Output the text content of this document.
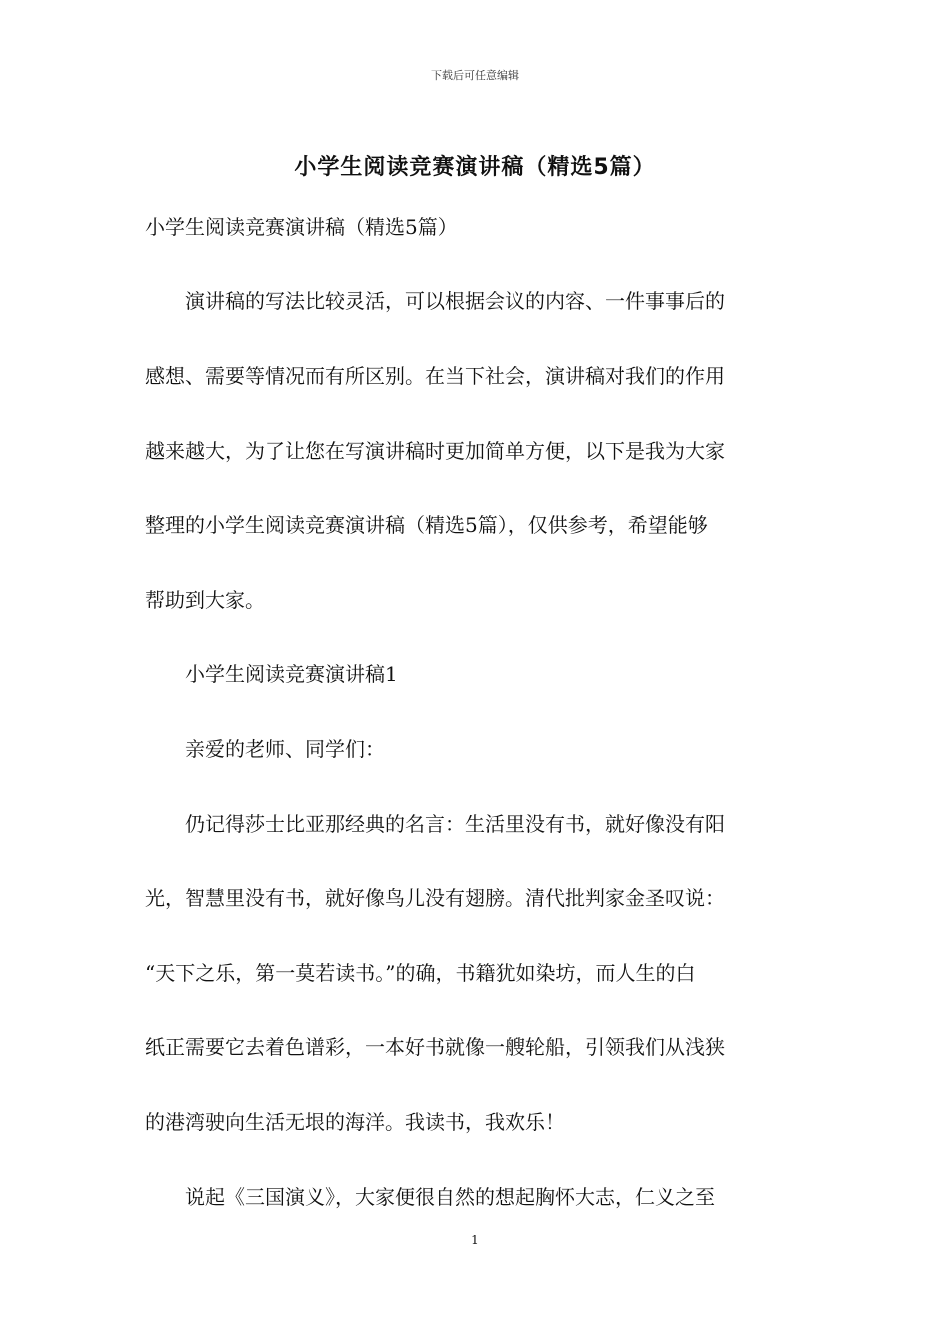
下载后可任意编辑
小学生阅读竞赛演讲稿（精选5篇）
小学生阅读竞赛演讲稿（精选5篇）
　　演讲稿的写法比较灵活，可以根据会议的内容、一件事事后的
感想、需要等情况而有所区别。在当下社会，演讲稿对我们的作用
越来越大，为了让您在写演讲稿时更加简单方便，以下是我为大家
整理的小学生阅读竞赛演讲稿（精选5篇），仅供参考，希望能够
帮助到大家。
　　小学生阅读竞赛演讲稿1
　　亲爱的老师、同学们：
　　仍记得莎士比亚那经典的名言：生活里没有书，就好像没有阳
光，智慧里没有书，就好像鸟儿没有翅膀。清代批判家金圣叹说：
“天下之乐，第一莫若读书。”的确，书籍犹如染坊，而人生的白
纸正需要它去着色谱彩，一本好书就像一艘轮船，引领我们从浅狭
的港湾驶向生活无垠的海洋。我读书，我欢乐！
　　说起《三国演义》，大家便很自然的想起胸怀大志，仁义之至
1
